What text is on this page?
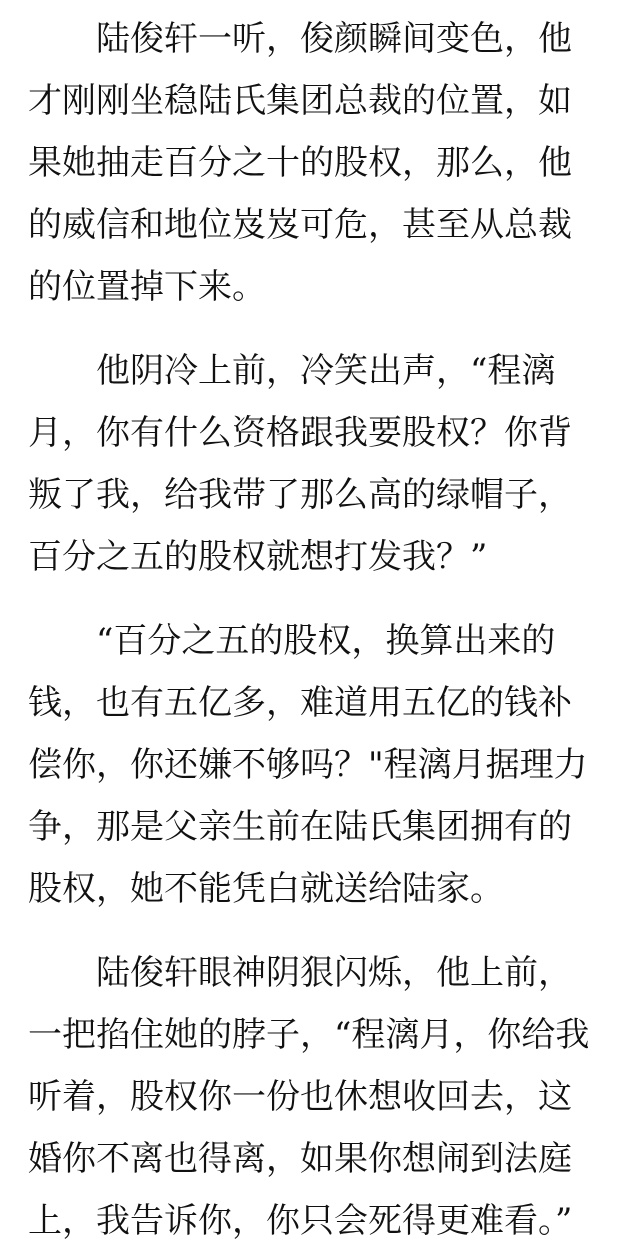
　　陆俊轩一听，俊颜瞬间变色，他
才刚刚坐稳陆氏集团总裁的位置，如
果她抽走百分之十的股权，那么，他
的威信和地位岌岌可危，甚至从总裁
的位置掉下来。

　　他阴冷上前，冷笑出声，“程漓
月，你有什么资格跟我要股权？你背
叛了我，给我带了那么高的绿帽子，
百分之五的股权就想打发我？”

　　“百分之五的股权，换算出来的
钱，也有五亿多，难道用五亿的钱补
偿你，你还嫌不够吗？"程漓月据理力
争，那是父亲生前在陆氏集团拥有的
股权，她不能凭白就送给陆家。

　　陆俊轩眼神阴狠闪烁，他上前，
一把掐住她的脖子，“程漓月，你给我
听着，股权你一份也休想收回去，这
婚你不离也得离，如果你想闹到法庭
上，我告诉你，你只会死得更难看。”
